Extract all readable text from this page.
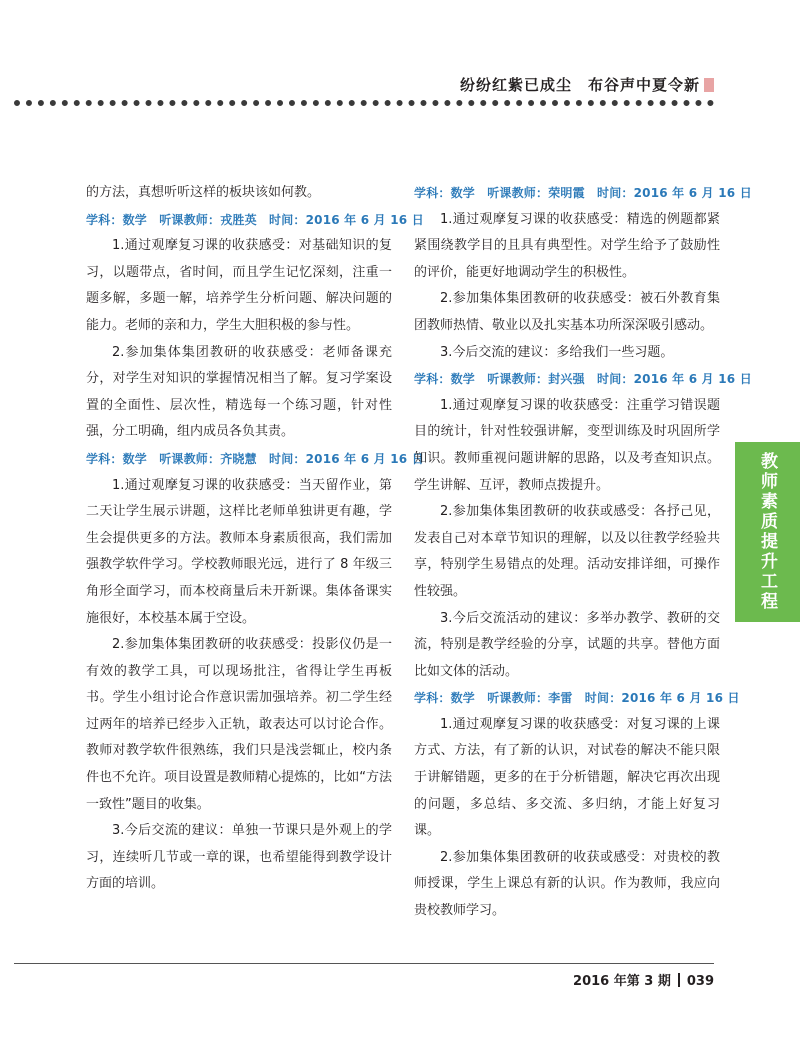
纷纷红紫已成尘　布谷声中夏令新

的方法，真想听听这样的板块该如何教。

学科：数学　听课教师：戎胜英　时间：2016 年 6 月 16 日

1.通过观摩复习课的收获感受：对基础知识的复习，以题带点，省时间，而且学生记忆深刻，注重一题多解，多题一解，培养学生分析问题、解决问题的能力。老师的亲和力，学生大胆积极的参与性。

2.参加集体集团教研的收获感受：老师备课充分，对学生对知识的掌握情况相当了解。复习学案设置的全面性、层次性，精选每一个练习题，针对性强，分工明确，组内成员各负其责。

学科：数学　听课教师：齐晓慧　时间：2016 年 6 月 16 日

1.通过观摩复习课的收获感受：当天留作业，第二天让学生展示讲题，这样比老师单独讲更有趣，学生会提供更多的方法。教师本身素质很高，我们需加强教学软件学习。学校教师眼光远，进行了 8 年级三角形全面学习，而本校商量后未开新课。集体备课实施很好，本校基本属于空设。

2.参加集体集团教研的收获感受：投影仪仍是一有效的教学工具，可以现场批注，省得让学生再板书。学生小组讨论合作意识需加强培养。初二学生经过两年的培养已经步入正轨，敢表达可以讨论合作。教师对教学软件很熟练，我们只是浅尝辄止，校内条件也不允许。项目设置是教师精心提炼的，比如“方法一致性”题目的收集。

3.今后交流的建议：单独一节课只是外观上的学习，连续听几节或一章的课，也希望能得到教学设计方面的培训。

学科：数学　听课教师：荣明霞　时间：2016 年 6 月 16 日

1.通过观摩复习课的收获感受：精选的例题都紧紧围绕教学目的且具有典型性。对学生给予了鼓励性的评价，能更好地调动学生的积极性。

2.参加集体集团教研的收获感受：被石外教育集团教师热情、敬业以及扎实基本功所深深吸引感动。

3.今后交流的建议：多给我们一些习题。

学科：数学　听课教师：封兴强　时间：2016 年 6 月 16 日

1.通过观摩复习课的收获感受：注重学习错误题目的统计，针对性较强讲解，变型训练及时巩固所学知识。教师重视问题讲解的思路，以及考查知识点。学生讲解、互评，教师点拨提升。

2.参加集体集团教研的收获或感受：各抒己见，发表自己对本章节知识的理解，以及以往教学经验共享，特别学生易错点的处理。活动安排详细，可操作性较强。

3.今后交流活动的建议：多举办教学、教研的交流，特别是教学经验的分享，试题的共享。替他方面比如文体的活动。

学科：数学　听课教师：李雷　时间：2016 年 6 月 16 日

1.通过观摩复习课的收获感受：对复习课的上课方式、方法，有了新的认识，对试卷的解决不能只限于讲解错题，更多的在于分析错题，解决它再次出现的问题，多总结、多交流、多归纳，才能上好复习课。

2.参加集体集团教研的收获或感受：对贵校的教师授课，学生上课总有新的认识。作为教师，我应向贵校教师学习。

教师素质提升工程
2016 年第 3 期 039
